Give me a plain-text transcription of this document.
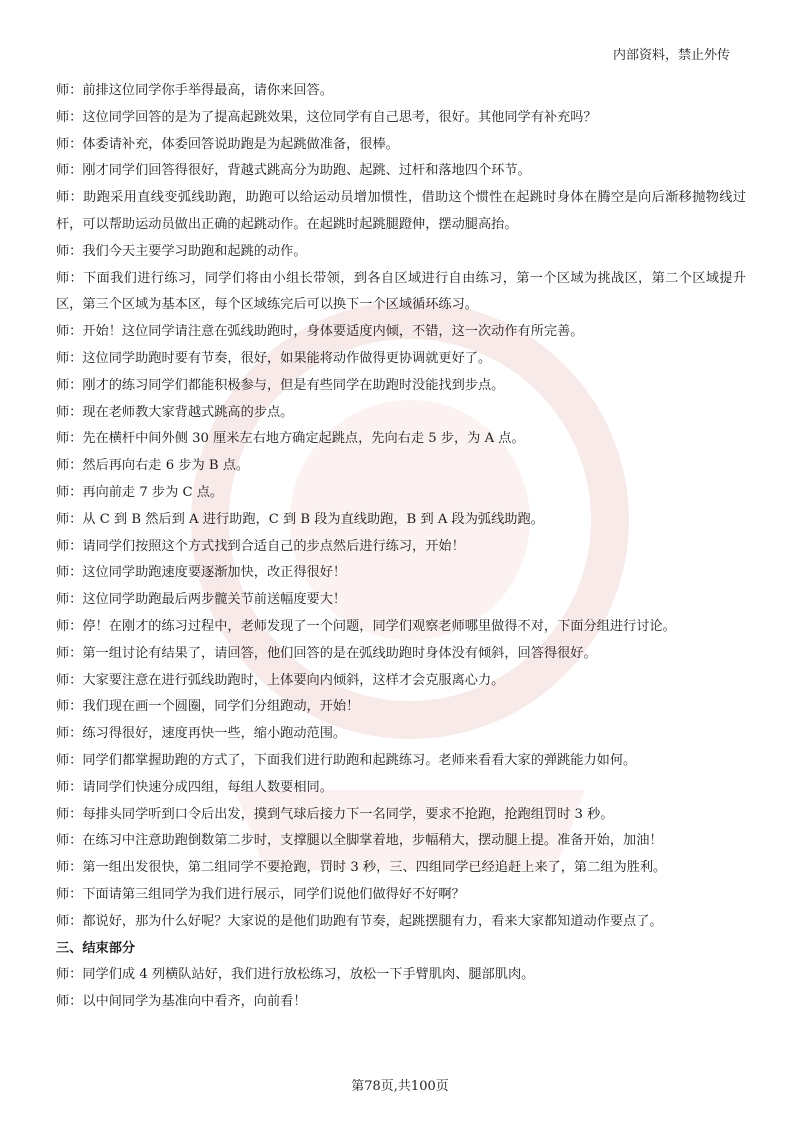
内部资料，禁止外传
师：前排这位同学你手举得最高，请你来回答。
师：这位同学回答的是为了提高起跳效果，这位同学有自己思考，很好。其他同学有补充吗？
师：体委请补充，体委回答说助跑是为起跳做准备，很棒。
师：刚才同学们回答得很好，背越式跳高分为助跑、起跳、过杆和落地四个环节。
师：助跑采用直线变弧线助跑，助跑可以给运动员增加惯性，借助这个惯性在起跳时身体在腾空是向后渐移抛物线过杆，可以帮助运动员做出正确的起跳动作。在起跳时起跳腿蹬伸，摆动腿高抬。
师：我们今天主要学习助跑和起跳的动作。
师：下面我们进行练习，同学们将由小组长带领，到各自区域进行自由练习，第一个区域为挑战区，第二个区域提升区，第三个区域为基本区，每个区域练完后可以换下一个区域循环练习。
师：开始！这位同学请注意在弧线助跑时，身体要适度内倾，不错，这一次动作有所完善。
师：这位同学助跑时要有节奏，很好，如果能将动作做得更协调就更好了。
师：刚才的练习同学们都能积极参与，但是有些同学在助跑时没能找到步点。
师：现在老师教大家背越式跳高的步点。
师：先在横杆中间外侧 30 厘米左右地方确定起跳点，先向右走 5 步，为 A 点。
师：然后再向右走 6 步为 B 点。
师：再向前走 7 步为 C 点。
师：从 C 到 B 然后到 A 进行助跑，C 到 B 段为直线助跑，B 到 A 段为弧线助跑。
师：请同学们按照这个方式找到合适自己的步点然后进行练习，开始！
师：这位同学助跑速度要逐渐加快，改正得很好！
师：这位同学助跑最后两步髋关节前送幅度要大！
师：停！在刚才的练习过程中，老师发现了一个问题，同学们观察老师哪里做得不对，下面分组进行讨论。
师：第一组讨论有结果了，请回答，他们回答的是在弧线助跑时身体没有倾斜，回答得很好。
师：大家要注意在进行弧线助跑时，上体要向内倾斜，这样才会克服离心力。
师：我们现在画一个圆圈，同学们分组跑动，开始！
师：练习得很好，速度再快一些，缩小跑动范围。
师：同学们都掌握助跑的方式了，下面我们进行助跑和起跳练习。老师来看看大家的弹跳能力如何。
师：请同学们快速分成四组，每组人数要相同。
师：每排头同学听到口令后出发，摸到气球后接力下一名同学，要求不抢跑，抢跑组罚时 3 秒。
师：在练习中注意助跑倒数第二步时，支撑腿以全脚掌着地，步幅稍大，摆动腿上提。准备开始，加油！
师：第一组出发很快，第二组同学不要抢跑，罚时 3 秒，三、四组同学已经追赶上来了，第二组为胜利。
师：下面请第三组同学为我们进行展示，同学们说他们做得好不好啊？
师：都说好，那为什么好呢？大家说的是他们助跑有节奏，起跳摆腿有力，看来大家都知道动作要点了。
三、结束部分
师：同学们成 4 列横队站好，我们进行放松练习，放松一下手臂肌肉、腿部肌肉。
师：以中间同学为基准向中看齐，向前看！
第78页,共100页
